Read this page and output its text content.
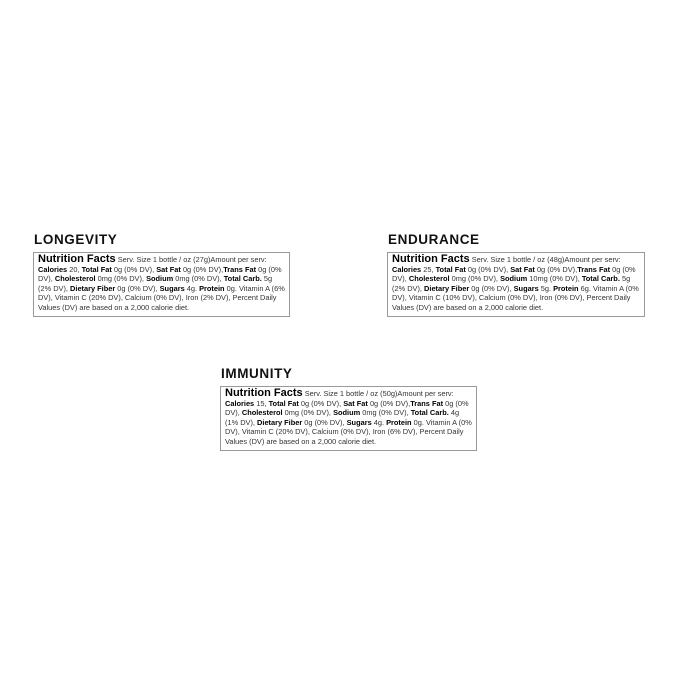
LONGEVITY
Nutrition Facts Serv. Size 1 bottle / oz (27g)Amount per serv: Calories 20, Total Fat 0g (0% DV), Sat Fat 0g (0% DV),Trans Fat 0g (0% DV), Cholesterol 0mg (0% DV), Sodium 0mg (0% DV), Total Carb. 5g (2% DV), Dietary Fiber 0g (0% DV), Sugars 4g. Protein 0g. Vitamin A (6% DV), Vitamin C (20% DV), Calcium (0% DV), Iron (2% DV), Percent Daily Values (DV) are based on a 2,000 calorie diet.
ENDURANCE
Nutrition Facts Serv. Size 1 bottle / oz (48g)Amount per serv: Calories 25, Total Fat 0g (0% DV), Sat Fat 0g (0% DV),Trans Fat 0g (0% DV), Cholesterol 0mg (0% DV), Sodium 10mg (0% DV), Total Carb. 5g (2% DV), Dietary Fiber 0g (0% DV), Sugars 5g. Protein 6g. Vitamin A (0% DV), Vitamin C (10% DV), Calcium (0% DV), Iron (0% DV), Percent Daily Values (DV) are based on a 2,000 calorie diet.
IMMUNITY
Nutrition Facts Serv. Size 1 bottle / oz (50g)Amount per serv: Calories 15, Total Fat 0g (0% DV), Sat Fat 0g (0% DV),Trans Fat 0g (0% DV), Cholesterol 0mg (0% DV), Sodium 0mg (0% DV), Total Carb. 4g (1% DV), Dietary Fiber 0g (0% DV), Sugars 4g. Protein 0g. Vitamin A (0% DV), Vitamin C (20% DV), Calcium (0% DV), Iron (6% DV), Percent Daily Values (DV) are based on a 2,000 calorie diet.
